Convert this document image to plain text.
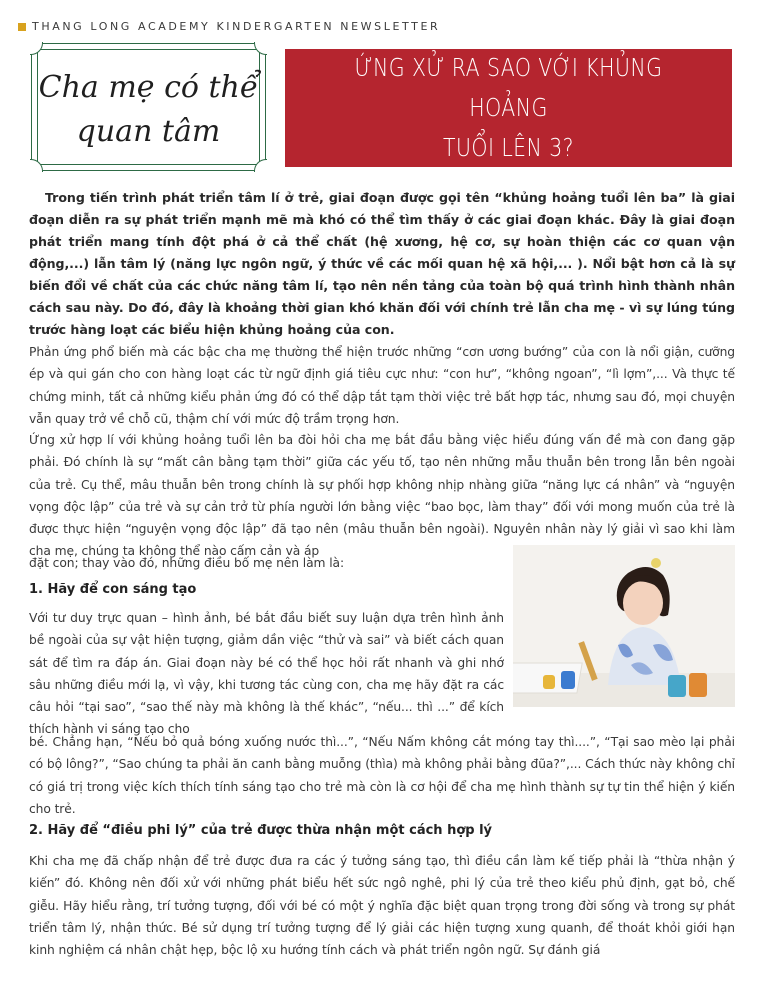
THANG LONG ACADEMY KINDERGARTEN NEWSLETTER
Cha mẹ có thể
quan tâm
ỨNG XỬ RA SAO VỚI KHỦNG HOẢNG
TUỔI LÊN 3?
Trong tiến trình phát triển tâm lí ở trẻ, giai đoạn được gọi tên “khủng hoảng tuổi lên ba” là giai đoạn diễn ra sự phát triển mạnh mẽ mà khó có thể tìm thấy ở các giai đoạn khác. Đây là giai đoạn phát triển mang tính đột phá ở cả thể chất (hệ xương, hệ cơ, sự hoàn thiện các cơ quan vận động,...) lẫn tâm lý (năng lực ngôn ngữ, ý thức về các mối quan hệ xã hội,... ). Nổi bật hơn cả là sự biến đổi về chất của các chức năng tâm lí, tạo nên nền tảng của toàn bộ quá trình hình thành nhân cách sau này. Do đó, đây là khoảng thời gian khó khăn đối với chính trẻ lẫn cha mẹ - vì sự lúng túng trước hàng loạt các biểu hiện khủng hoảng của con.
Phản ứng phổ biến mà các bậc cha mẹ thường thể hiện trước những “cơn ương bướng” của con là nổi giận, cưỡng ép và qui gán cho con hàng loạt các từ ngữ định giá tiêu cực như: “con hư”, “không ngoan”, “lì lợm”,... Và thực tế chứng minh, tất cả những kiểu phản ứng đó có thể dập tắt tạm thời việc trẻ bất hợp tác, nhưng sau đó, mọi chuyện vẫn quay trở về chỗ cũ, thậm chí với mức độ trầm trọng hơn.
Ứng xử hợp lí với khủng hoảng tuổi lên ba đòi hỏi cha mẹ bắt đầu bằng việc hiểu đúng vấn đề mà con đang gặp phải. Đó chính là sự “mất cân bằng tạm thời” giữa các yếu tố, tạo nên những mẫu thuẫn bên trong lẫn bên ngoài của trẻ. Cụ thể, mâu thuẫn bên trong chính là sự phối hợp không nhịp nhàng giữa “năng lực cá nhân” và “nguyện vọng độc lập” của trẻ và sự cản trở từ phía người lớn bằng việc “bao bọc, làm thay” đối với mong muốn của trẻ là được thực hiện “nguyện vọng độc lập” đã tạo nên (mâu thuẫn bên ngoài). Nguyên nhân này lý giải vì sao khi làm cha mẹ, chúng ta không thể nào cấm cản và áp
đặt con; thay vào đó, những điều bố mẹ nên làm là:
1. Hãy để con sáng tạo
Với tư duy trực quan – hình ảnh, bé bắt đầu biết suy luận dựa trên hình ảnh bề ngoài của sự vật hiện tượng, giảm dần việc “thử và sai” và biết cách quan sát để tìm ra đáp án. Giai đoạn này bé có thể học hỏi rất nhanh và ghi nhớ sâu những điều mới lạ, vì vậy, khi tương tác cùng con, cha mẹ hãy đặt ra các câu hỏi “tại sao”, “sao thế này mà không là thế khác”, “nếu... thì ...” để kích thích hành vi sáng tạo cho
bé. Chẳng hạn, “Nếu bỏ quả bóng xuống nước thì...”, “Nếu Nấm không cắt móng tay thì....”, “Tại sao mèo lại phải có bộ lông?”, “Sao chúng ta phải ăn canh bằng muỗng (thìa) mà không phải bằng đũa?”,... Cách thức này không chỉ có giá trị trong việc kích thích tính sáng tạo cho trẻ mà còn là cơ hội để cha mẹ hình thành sự tự tin thể hiện ý kiến cho trẻ.
2. Hãy để “điều phi lý” của trẻ được thừa nhận một cách hợp lý
Khi cha mẹ đã chấp nhận để trẻ được đưa ra các ý tưởng sáng tạo, thì điều cần làm kế tiếp phải là “thừa nhận ý kiến” đó. Không nên đối xử với những phát biểu hết sức ngô nghê, phi lý của trẻ theo kiểu phủ định, gạt bỏ, chế giễu. Hãy hiểu rằng, trí tưởng tượng, đối với bé có một ý nghĩa đặc biệt quan trọng trong đời sống và trong sự phát triển tâm lý, nhận thức. Bé sử dụng trí tưởng tượng để lý giải các hiện tượng xung quanh, để thoát khỏi giới hạn kinh nghiệm cá nhân chật hẹp, bộc lộ xu hướng tính cách và phát triển ngôn ngữ. Sự đánh giá
